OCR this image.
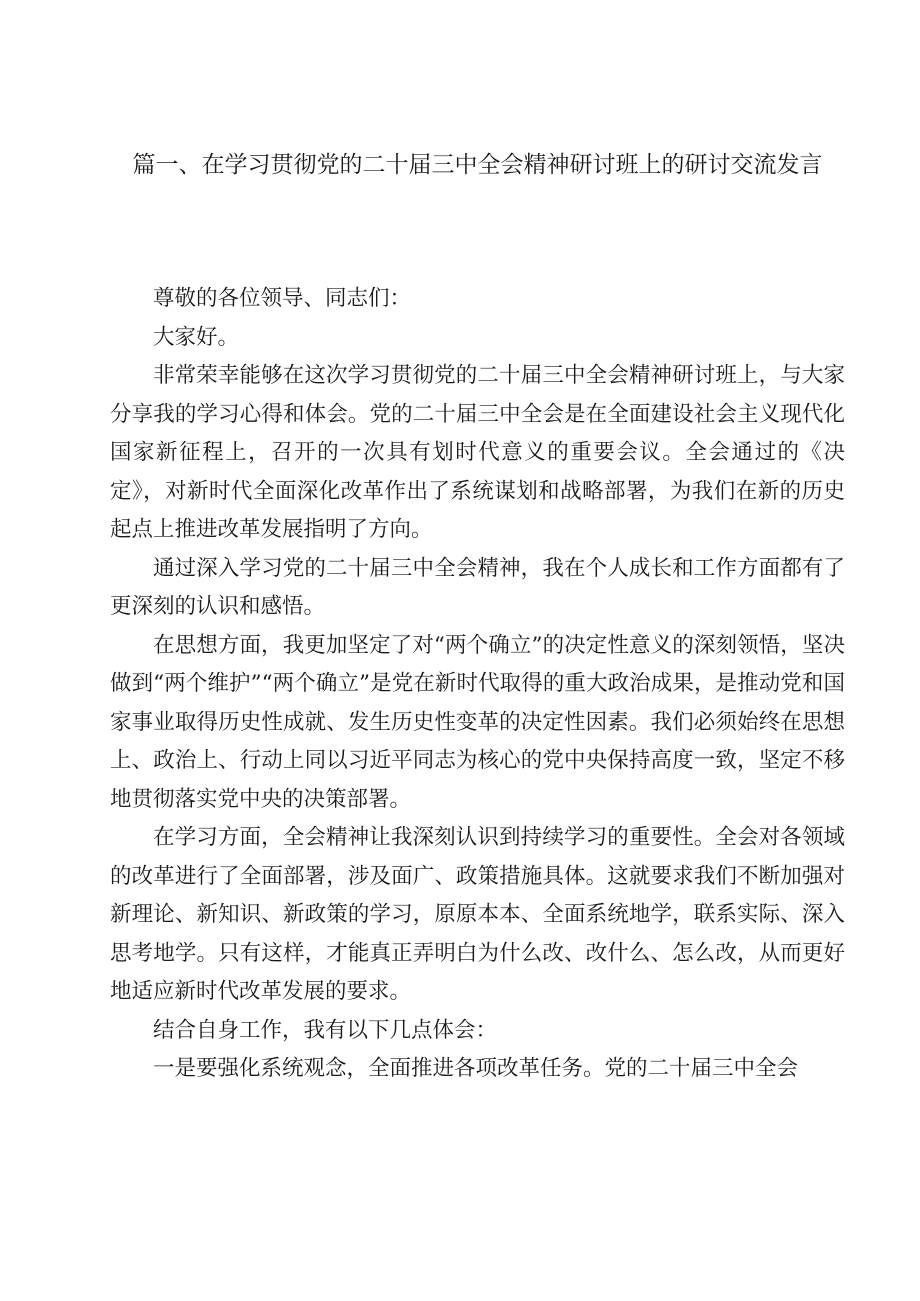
篇一、在学习贯彻党的二十届三中全会精神研讨班上的研讨交流发言

尊敬的各位领导、同志们：

大家好。

非常荣幸能够在这次学习贯彻党的二十届三中全会精神研讨班上，与大家分享我的学习心得和体会。党的二十届三中全会是在全面建设社会主义现代化国家新征程上，召开的一次具有划时代意义的重要会议。全会通过的《决定》，对新时代全面深化改革作出了系统谋划和战略部署，为我们在新的历史起点上推进改革发展指明了方向。

通过深入学习党的二十届三中全会精神，我在个人成长和工作方面都有了更深刻的认识和感悟。

在思想方面，我更加坚定了对“两个确立”的决定性意义的深刻领悟，坚决做到“两个维护”“两个确立”是党在新时代取得的重大政治成果，是推动党和国家事业取得历史性成就、发生历史性变革的决定性因素。我们必须始终在思想上、政治上、行动上同以习近平同志为核心的党中央保持高度一致，坚定不移地贯彻落实党中央的决策部署。

在学习方面，全会精神让我深刻认识到持续学习的重要性。全会对各领域的改革进行了全面部署，涉及面广、政策措施具体。这就要求我们不断加强对新理论、新知识、新政策的学习，原原本本、全面系统地学，联系实际、深入思考地学。只有这样，才能真正弄明白为什么改、改什么、怎么改，从而更好地适应新时代改革发展的要求。

结合自身工作，我有以下几点体会：

一是要强化系统观念，全面推进各项改革任务。党的二十届三中全会
